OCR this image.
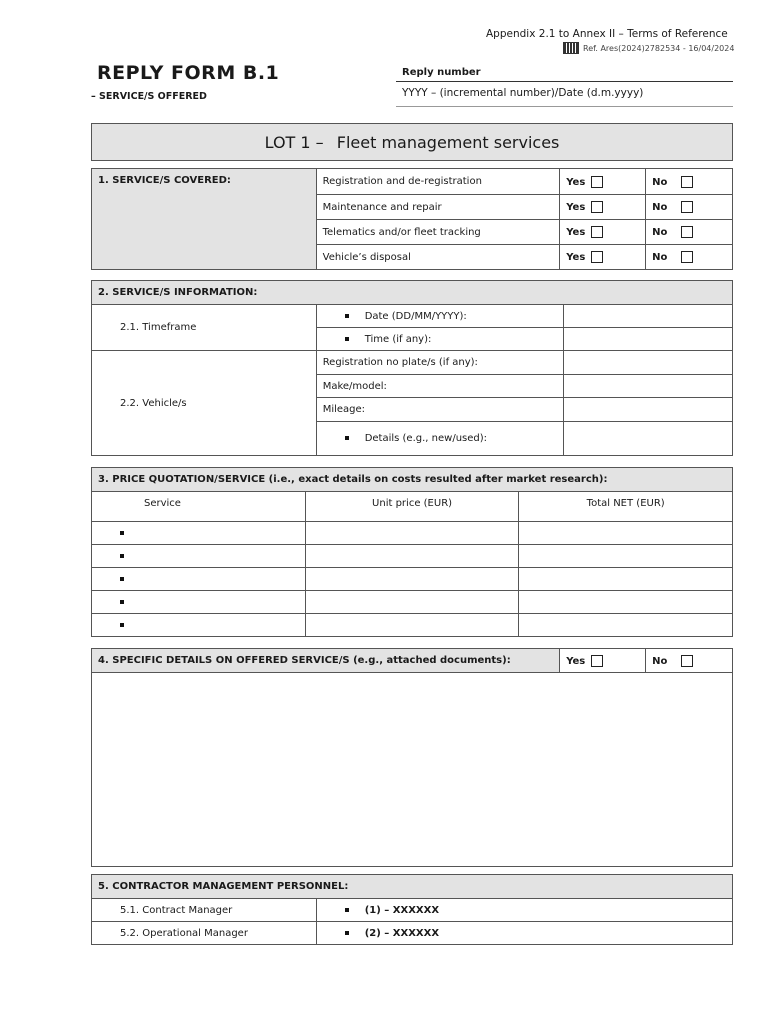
Appendix 2.1 to Annex II – Terms of Reference
Ref. Ares(2024)2782534 - 16/04/2024
REPLY FORM B.1
– SERVICE/S OFFERED
Reply number
YYYY – (incremental number)/Date (d.m.yyyy)
LOT 1 – Fleet management services
1. SERVICE/S COVERED:	Registration and de-registration	Yes	No
	Maintenance and repair	Yes	No
	Telematics and/or fleet tracking	Yes	No
	Vehicle’s disposal	Yes	No
2. SERVICE/S INFORMATION:		
2.1. Timeframe	Date (DD/MM/YYYY):	
	Time (if any):	
2.2. Vehicle/s	Registration no plate/s (if any):	
	Make/model:	
	Mileage:	
	Details (e.g., new/used):	
3. PRICE QUOTATION/SERVICE (i.e., exact details on costs resulted after market research):		
Service	Unit price (EUR)	Total NET (EUR)

4. SPECIFIC DETAILS ON OFFERED SERVICE/S (e.g., attached documents):	Yes	No

5. CONTRACTOR MANAGEMENT PERSONNEL:	
5.1. Contract Manager	(1) – XXXXXX
5.2. Operational Manager	(2) – XXXXXX
